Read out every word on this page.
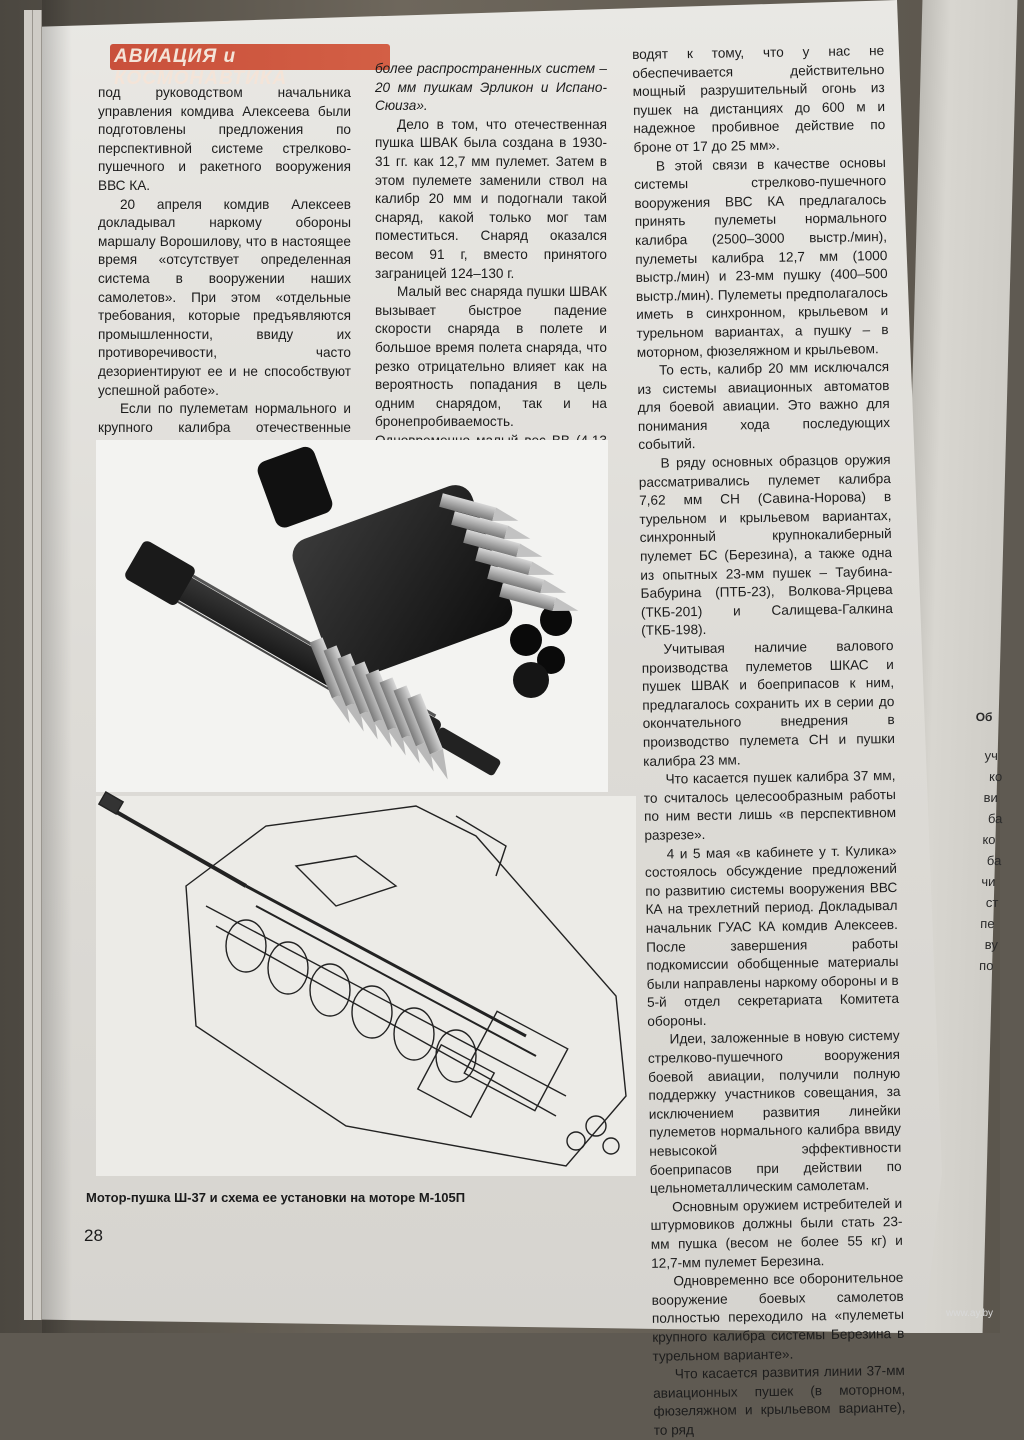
Об
уч
ко
ви
ба
ко
ба
чи
ст
пе
ву
по
АВИАЦИЯ и КОСМОНАВТИКА

под руководством начальника управления комдива Алексеева были подготовлены предложения по перспективной системе стрелково-пушечного и ракетного вооружения ВВС КА.

20 апреля комдив Алексеев докладывал наркому обороны маршалу Ворошилову, что в настоящее время «отсутствует определенная система в вооружении наших самолетов». При этом «отдельные требования, которые предъявляются промышленности, ввиду их противоречивости, часто дезориентируют ее и не способствуют успешной работе».

Если по пулеметам нормального и крупного калибра отечественные

более распространенных систем – 20 мм пушкам Эрликон и Испано-Сюиза».

Дело в том, что отечественная пушка ШВАК была создана в 1930-31 гг. как 12,7 мм пулемет. Затем в этом пулемете заменили ствол на калибр 20 мм и подогнали такой снаряд, какой только мог там поместиться. Снаряд оказался весом 91 г, вместо принятого заграницей 124–130 г.

Малый вес снаряда пушки ШВАК вызывает быстрое падение скорости снаряда в полете и большое время полета снаряда, что резко отрицательно влияет как на вероятность попадания в цель одним снарядом, так и на бронепробиваемость.

водят к тому, что у нас не обеспечивается действительно мощный разрушительный огонь из пушек на дистанциях до 600 м и надежное пробивное действие по броне от 17 до 25 мм».

В этой связи в качестве основы системы стрелково-пушечного вооружения ВВС КА предлагалось принять пулеметы нормального калибра (2500–3000 выстр./мин), пулеметы калибра 12,7 мм (1000 выстр./мин) и 23-мм пушку (400–500 выстр./мин). Пулеметы предполагалось иметь в синхронном, крыльевом и турельном вариантах, а пушку – в моторном, фюзеляжном и крыльевом.

То есть, калибр 20 мм исключался из системы авиационных автоматов для боевой авиации. Это важно для понимания хода последующих событий.

В ряду основных образцов оружия рассматривались пулемет калибра 7,62 мм СН (Савина-Норова) в турельном и крыльевом вариантах, синхронный крупнокалиберный пулемет БС (Березина), а также одна из опытных 23-мм пушек – Таубина-Бабурина (ПТБ-23), Волкова-Ярцева (ТКБ-201) и Салищева-Галкина (ТКБ-198).

Учитывая наличие валового производства пулеметов ШКАС и пушек ШВАК и боеприпасов к ним, предлагалось сохранить их в серии до окончательного внедрения в производство пулемета СН и пушки калибра 23 мм.

Что касается пушек калибра 37 мм, то считалось целесообразным работы по ним вести лишь «в перспективном разрезе».

4 и 5 мая «в кабинете у т. Кулика» состоялось обсуждение предложений по развитию системы вооружения ВВС КА на трехлетний период. Докладывал начальник ГУАС КА комдив Алексеев. После завершения работы подкомиссии обобщенные материалы были направлены наркому обороны и в 5-й отдел секретариата Комитета обороны.

Идеи, заложенные в новую систему стрелково-пушечного вооружения боевой авиации, получили полную поддержку участников совещания, за исключением развития линейки пулеметов нормального калибра ввиду невысокой эффективности боеприпасов при действии по цельнометаллическим самолетам.

Основным оружием истребителей и штурмовиков должны были стать 23-мм пушка (весом не более 55 кг) и 12,7-мм пулемет Березина.

Одновременно все оборонительное вооружение боевых самолетов полностью переходило на «пулеметы крупного калибра системы Березина в турельном варианте».

Что касается развития линии 37-мм авиационных пушек (в моторном, фюзеляжном и крыльевом варианте), то ряд

Мотор-пушка Ш-37 и схема ее установки на моторе М-105П
28
www.ay.by
